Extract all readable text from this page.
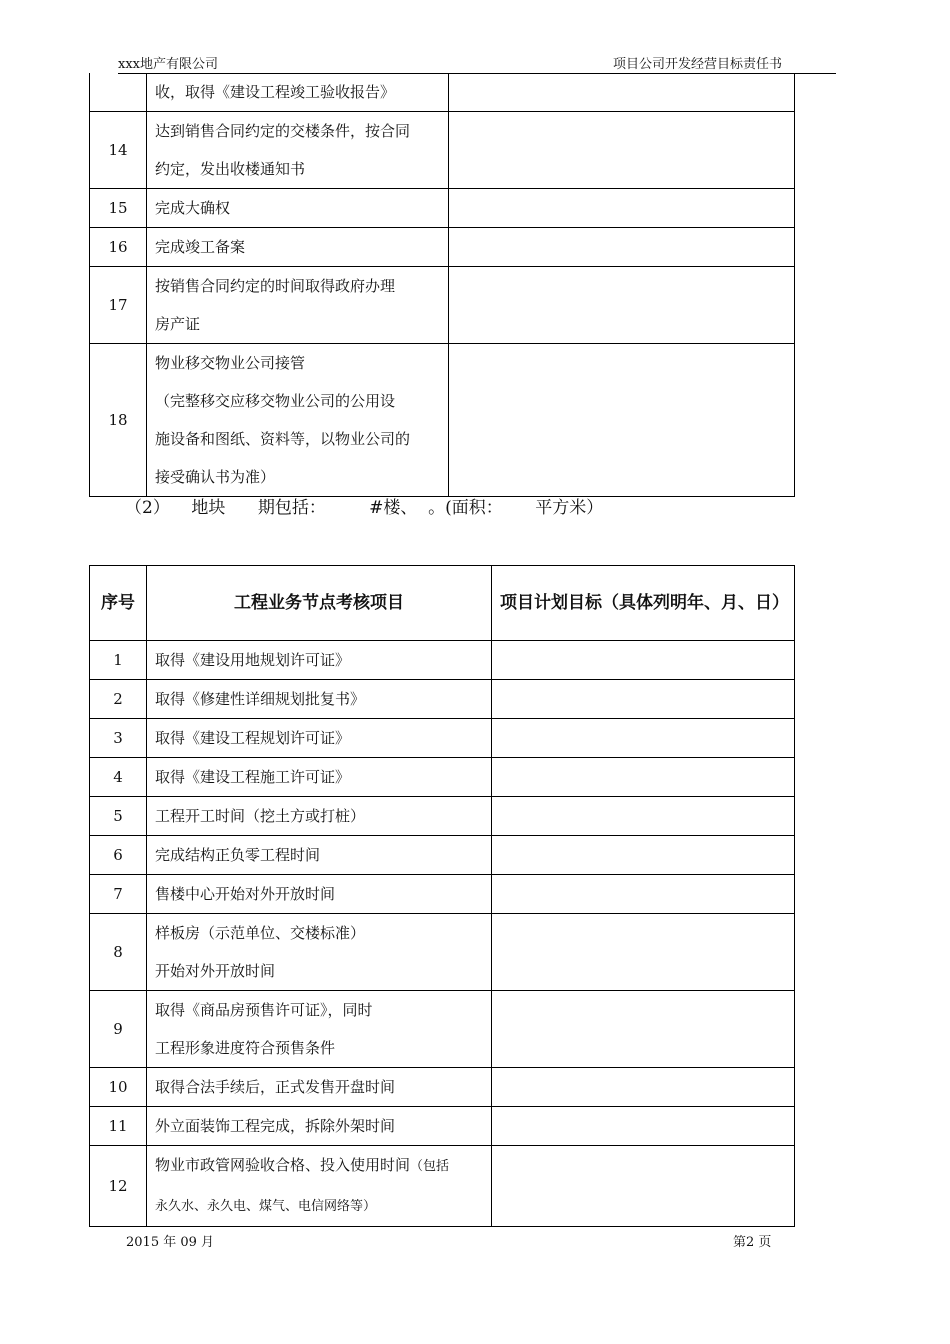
xxx地产有限公司	项目公司开发经营目标责任书
	收，取得《建设工程竣工验收报告》	
14	达到销售合同约定的交楼条件，按合同
约定，发出收楼通知书	
15	完成大确权	
16	完成竣工备案	
17	按销售合同约定的时间取得政府办理
房产证	
18	物业移交物业公司接管
（完整移交应移交物业公司的公用设
施设备和图纸、资料等，以物业公司的
接受确认书为准）	
（2）    地块      期包括：        #楼、  。(面积：      平方米）
序号	工程业务节点考核项目	项目计划目标（具体列明年、月、日）
1	取得《建设用地规划许可证》	
2	取得《修建性详细规划批复书》	
3	取得《建设工程规划许可证》	
4	取得《建设工程施工许可证》	
5	工程开工时间（挖土方或打桩）	
6	完成结构正负零工程时间	
7	售楼中心开始对外开放时间	
8	样板房（示范单位、交楼标准）
开始对外开放时间	
9	取得《商品房预售许可证》，同时
工程形象进度符合预售条件	
10	取得合法手续后，正式发售开盘时间	
11	外立面装饰工程完成，拆除外架时间	
12	物业市政管网验收合格、投入使用时间（包括
永久水、永久电、煤气、电信网络等）	
2015 年 09 月	第2 页
